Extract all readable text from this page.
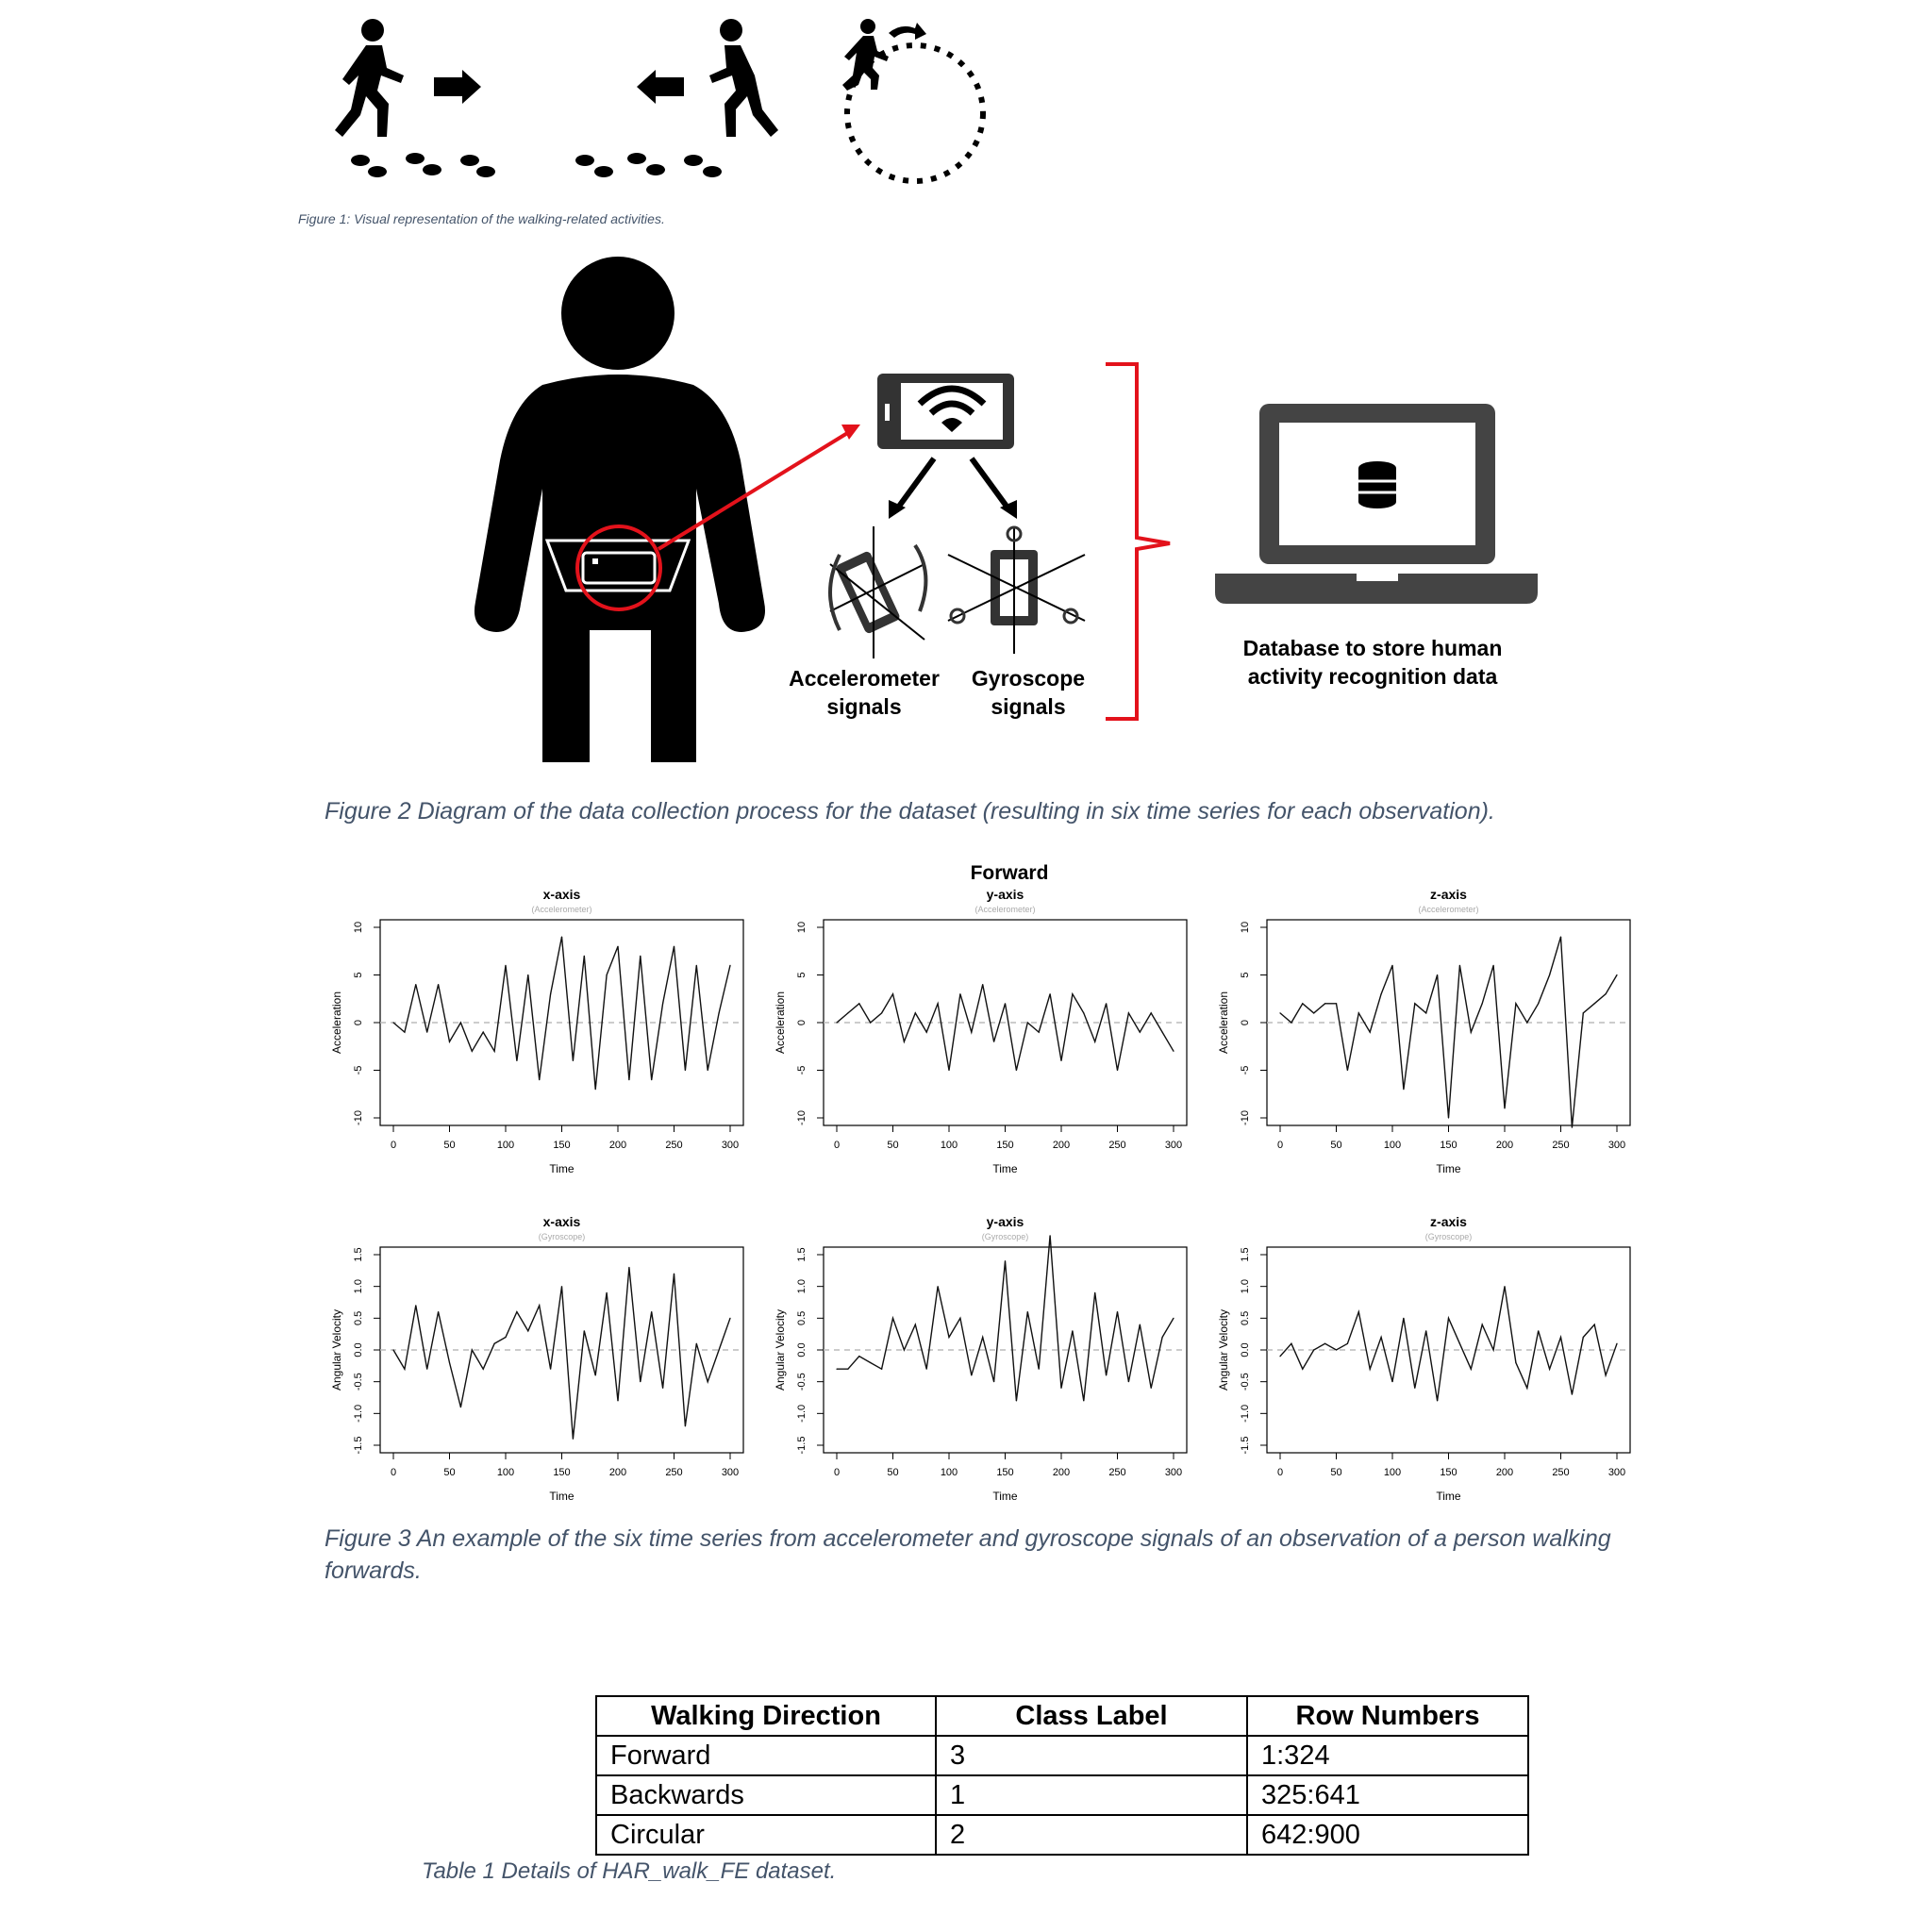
Figure 1: Visual representation of the walking-related activities.
Accelerometer signals
Gyroscope signals
Database to store human activity recognition data
Figure 2 Diagram of the data collection process for the dataset (resulting in six time series for each observation).
Forward
0	50	100	150	200	250	300
-10
-5
0
5
10
Time
Acceleration
x-axis
(Accelerometer)
0	50	100	150	200	250	300
-10
-5
0
5
10
Time
Acceleration
y-axis
(Accelerometer)
0	50	100	150	200	250	300
-10
-5
0
5
10
Time
Acceleration
z-axis
(Accelerometer)
0	50	100	150	200	250	300
-1.5
-1.0
-0.5
0.0
0.5
1.0
1.5
Time
Angular Velocity
x-axis
(Gyroscope)
0	50	100	150	200	250	300
-1.5
-1.0
-0.5
0.0
0.5
1.0
1.5
Time
Angular Velocity
y-axis
(Gyroscope)
0	50	100	150	200	250	300
-1.5
-1.0
-0.5
0.0
0.5
1.0
1.5
Time
Angular Velocity
z-axis
(Gyroscope)
Figure 3 An example of the six time series from accelerometer and gyroscope signals of an observation of a person walking forwards.
Walking Direction	Class Label	Row Numbers
Forward	3	1:324
Backwards	1	325:641
Circular	2	642:900
Table 1 Details of HAR_walk_FE dataset.
